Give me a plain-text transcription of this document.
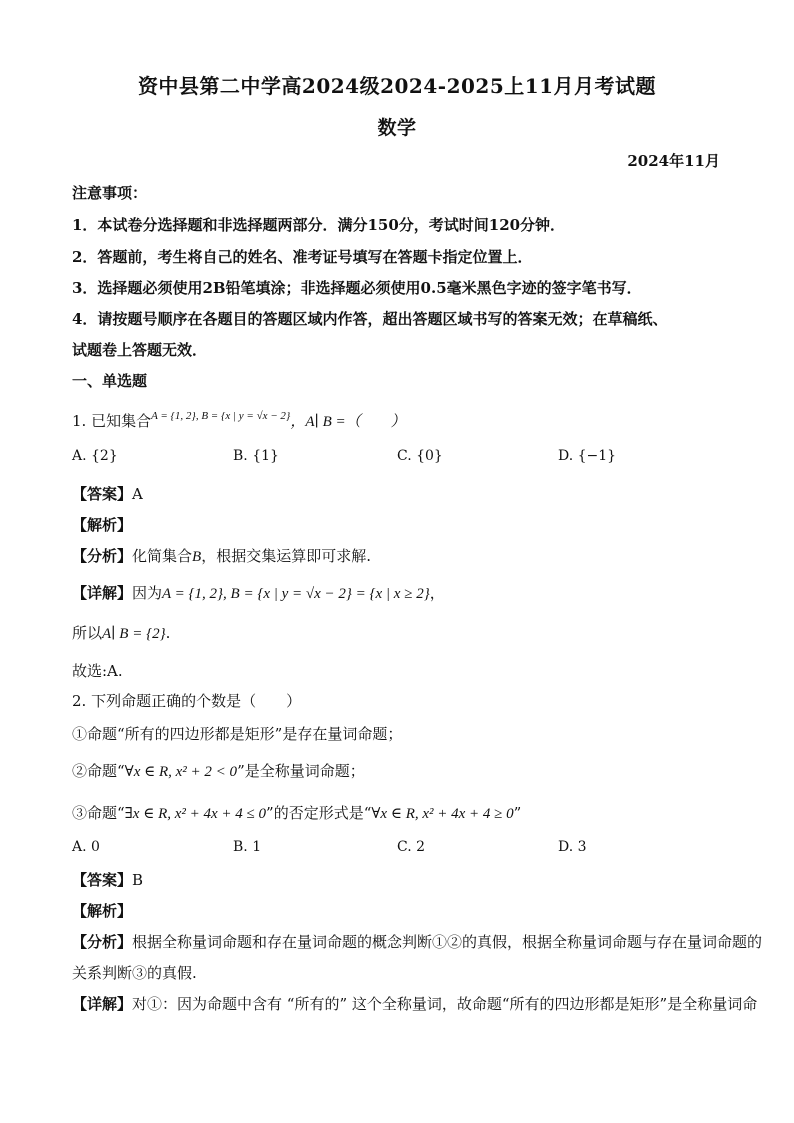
资中县第二中学高2024级2024-2025上11月月考试题
数学
2024年11月
注意事项：
1．本试卷分选择题和非选择题两部分．满分150分，考试时间120分钟．
2．答题前，考生将自己的姓名、准考证号填写在答题卡指定位置上．
3．选择题必须使用2B铅笔填涂；非选择题必须使用0.5毫米黑色字迹的签字笔书写．
4．请按题号顺序在各题目的答题区域内作答，超出答题区域书写的答案无效；在草稿纸、
试题卷上答题无效．
一、单选题
1. 已知集合$^{A = \{1, 2\}, B = \{x | y = √x - 2\}}$，A∣ B =（　　）
A. {2}	B. {1}	C. {0}	D. {−1}
【答案】A
【解析】
【分析】化简集合B，根据交集运算即可求解.
【详解】因为A = {1, 2}, B = {x | y = √x − 2} = {x | x ≥ 2}，
所以A∣ B = {2}.
故选:A.
2. 下列命题正确的个数是（　　）
①命题“所有的四边形都是矩形”是存在量词命题；
②命题“∀x ∈ R, x² + 2 < 0”是全称量词命题；
③命题“∃x ∈ R, x² + 4x + 4 ≤ 0”的否定形式是“∀x ∈ R, x² + 4x + 4 ≥ 0”
A. 0	B. 1	C. 2	D. 3
【答案】B
【解析】
【分析】根据全称量词命题和存在量词命题的概念判断①②的真假，根据全称量词命题与存在量词命题的
关系判断③的真假.
【详解】对①：因为命题中含有 “所有的” 这个全称量词，故命题“所有的四边形都是矩形”是全称量词命
